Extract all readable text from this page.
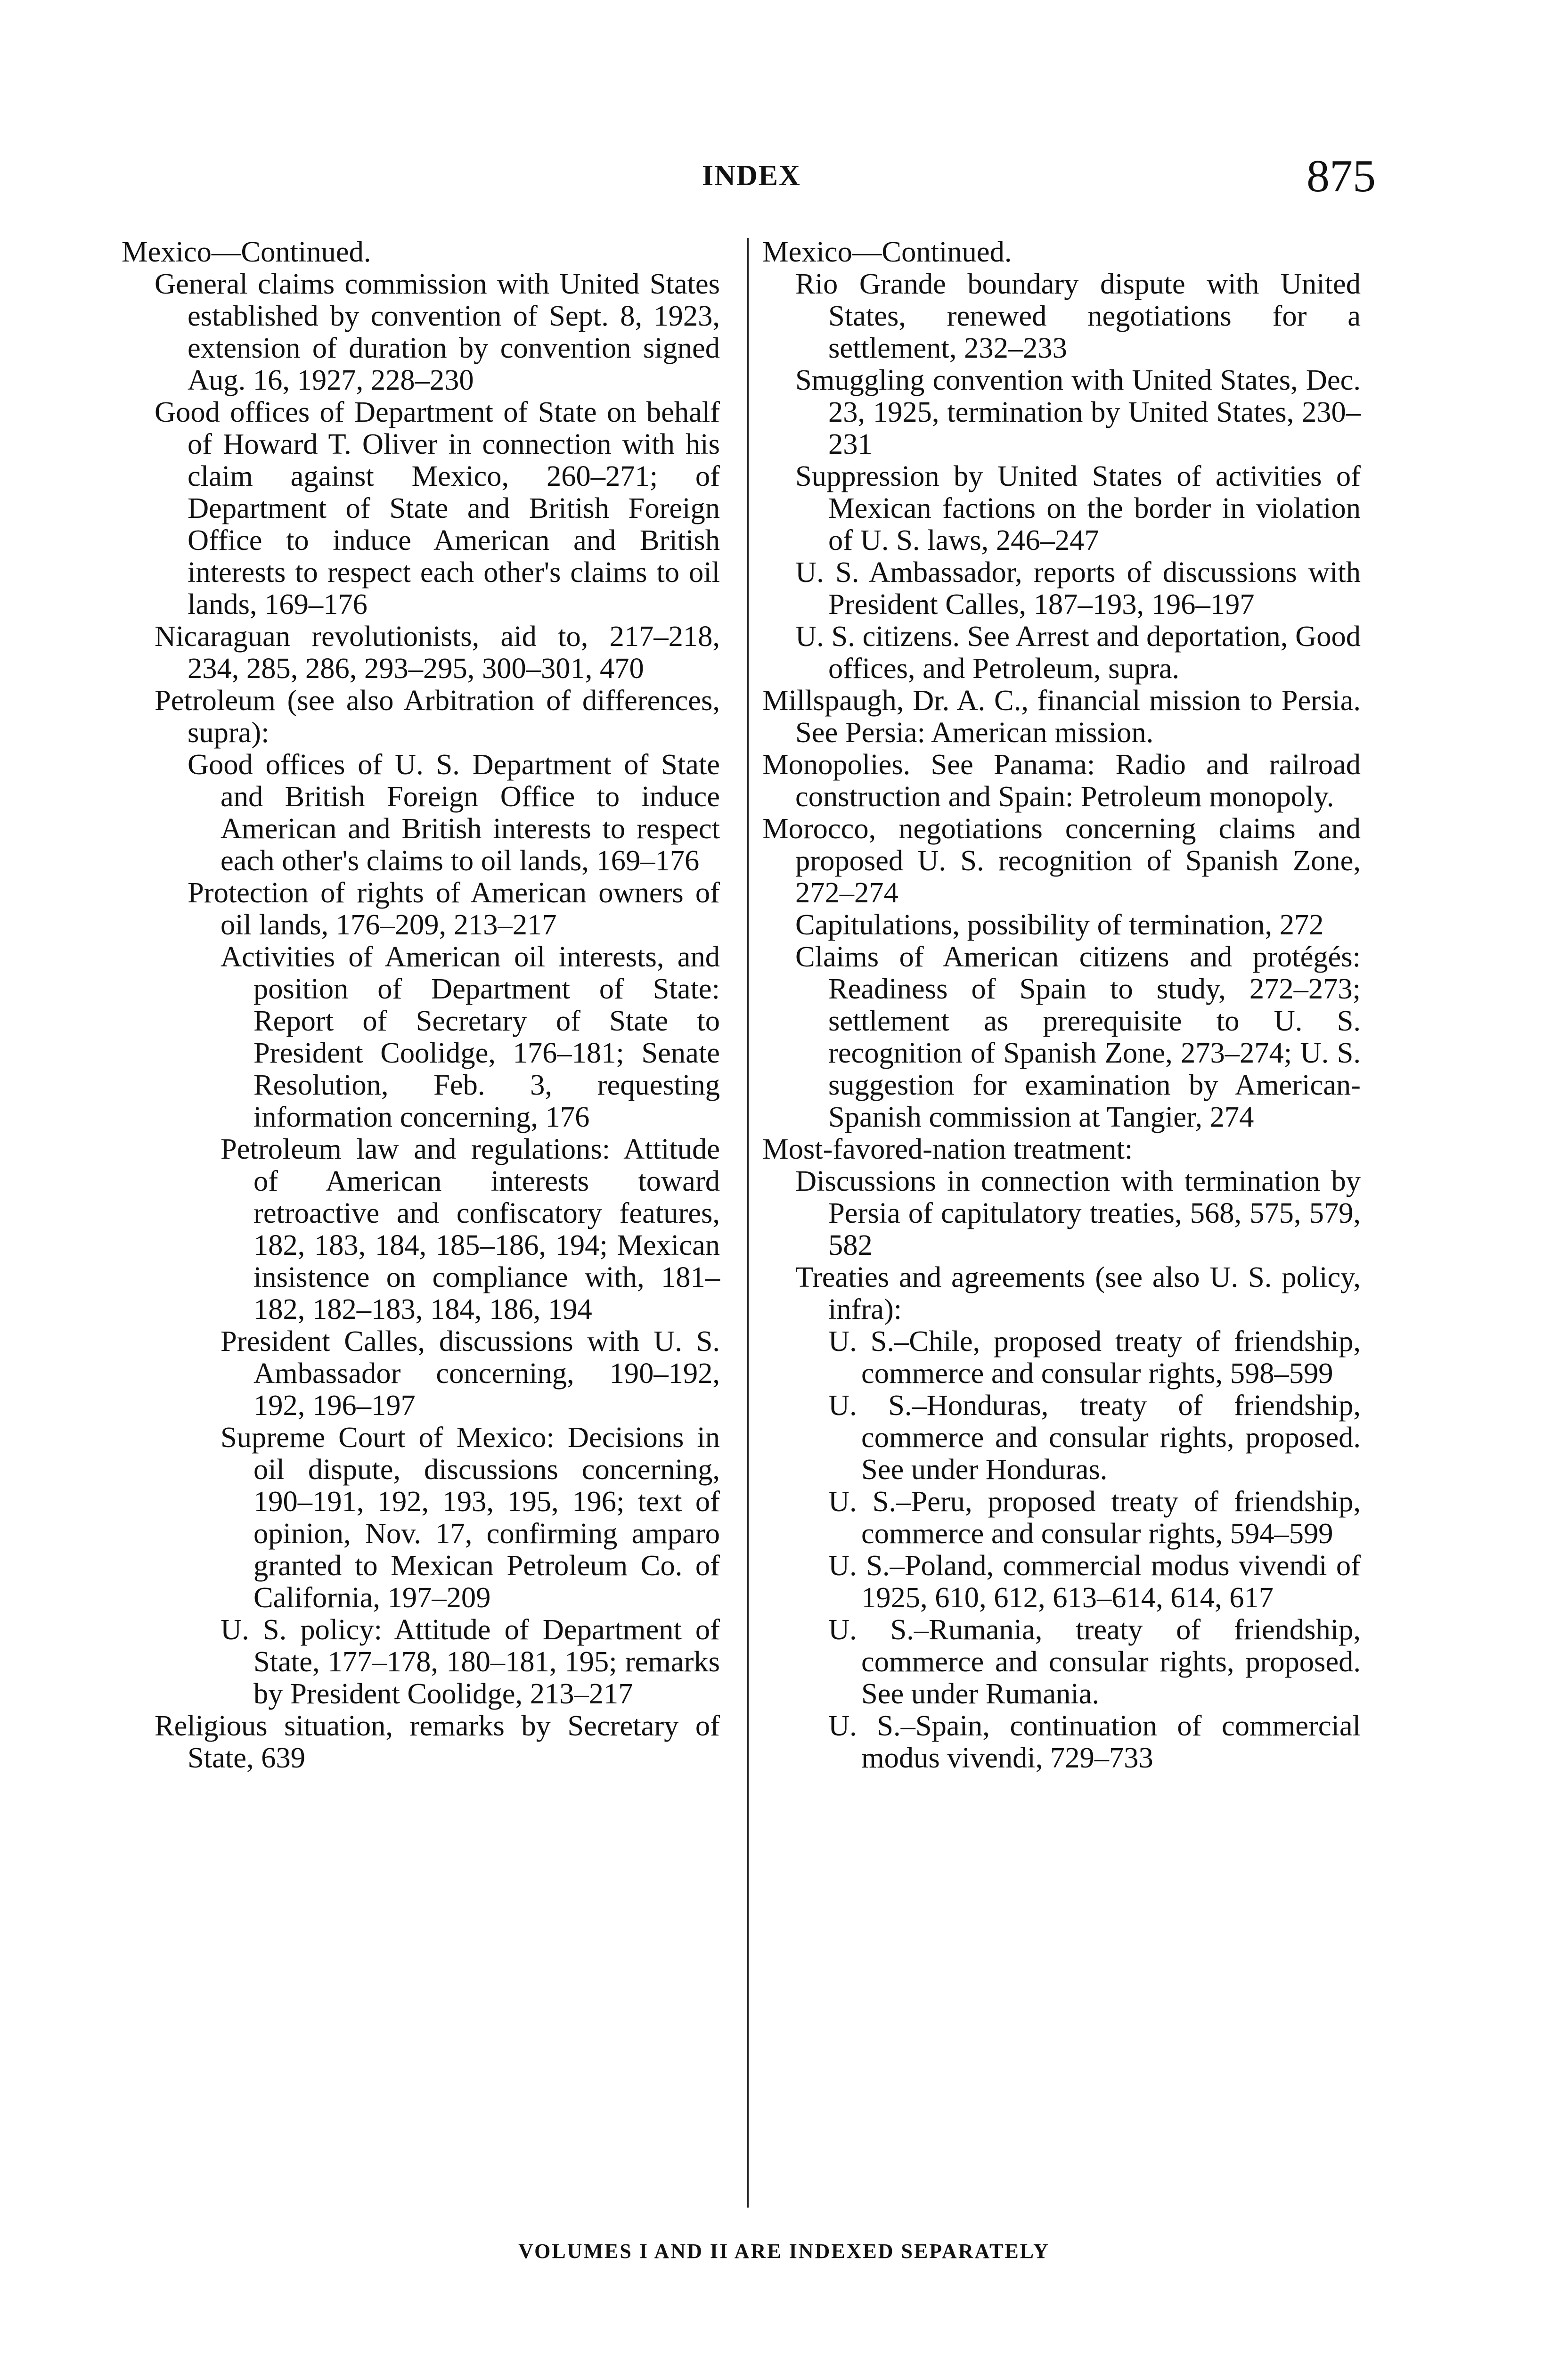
INDEX	875

Mexico—Continued.

General claims commission with United States established by convention of Sept. 8, 1923, extension of duration by convention signed Aug. 16, 1927, 228–230

Good offices of Department of State on behalf of Howard T. Oliver in connection with his claim against Mexico, 260–271; of Department of State and British Foreign Office to induce American and British interests to respect each other's claims to oil lands, 169–176

Nicaraguan revolutionists, aid to, 217–218, 234, 285, 286, 293–295, 300–301, 470

Petroleum (see also Arbitration of differences, supra):

Good offices of U. S. Department of State and British Foreign Office to induce American and British interests to respect each other's claims to oil lands, 169–176

Protection of rights of American owners of oil lands, 176–209, 213–217

Activities of American oil interests, and position of Department of State: Report of Secretary of State to President Coolidge, 176–181; Senate Resolution, Feb. 3, requesting information concerning, 176

Petroleum law and regulations: Attitude of American interests toward retroactive and confiscatory features, 182, 183, 184, 185–186, 194; Mexican insistence on compliance with, 181–182, 182–183, 184, 186, 194

President Calles, discussions with U. S. Ambassador concerning, 190–192, 192, 196–197

Supreme Court of Mexico: Decisions in oil dispute, discussions concerning, 190–191, 192, 193, 195, 196; text of opinion, Nov. 17, confirming amparo granted to Mexican Petroleum Co. of California, 197–209

U. S. policy: Attitude of Department of State, 177–178, 180–181, 195; remarks by President Coolidge, 213–217

Religious situation, remarks by Secretary of State, 639

Mexico—Continued.

Rio Grande boundary dispute with United States, renewed negotiations for a settlement, 232–233

Smuggling convention with United States, Dec. 23, 1925, termination by United States, 230–231

Suppression by United States of activities of Mexican factions on the border in violation of U. S. laws, 246–247

U. S. Ambassador, reports of discussions with President Calles, 187–193, 196–197

U. S. citizens. See Arrest and deportation, Good offices, and Petroleum, supra.

Millspaugh, Dr. A. C., financial mission to Persia. See Persia: American mission.

Monopolies. See Panama: Radio and railroad construction and Spain: Petroleum monopoly.

Morocco, negotiations concerning claims and proposed U. S. recognition of Spanish Zone, 272–274

Capitulations, possibility of termination, 272

Claims of American citizens and protégés: Readiness of Spain to study, 272–273; settlement as prerequisite to U. S. recognition of Spanish Zone, 273–274; U. S. suggestion for examination by American-Spanish commission at Tangier, 274

Most-favored-nation treatment:

Discussions in connection with termination by Persia of capitulatory treaties, 568, 575, 579, 582

Treaties and agreements (see also U. S. policy, infra):

U. S.–Chile, proposed treaty of friendship, commerce and consular rights, 598–599

U. S.–Honduras, treaty of friendship, commerce and consular rights, proposed. See under Honduras.

U. S.–Peru, proposed treaty of friendship, commerce and consular rights, 594–599

U. S.–Poland, commercial modus vivendi of 1925, 610, 612, 613–614, 614, 617

U. S.–Rumania, treaty of friendship, commerce and consular rights, proposed. See under Rumania.

U. S.–Spain, continuation of commercial modus vivendi, 729–733

VOLUMES I AND II ARE INDEXED SEPARATELY
